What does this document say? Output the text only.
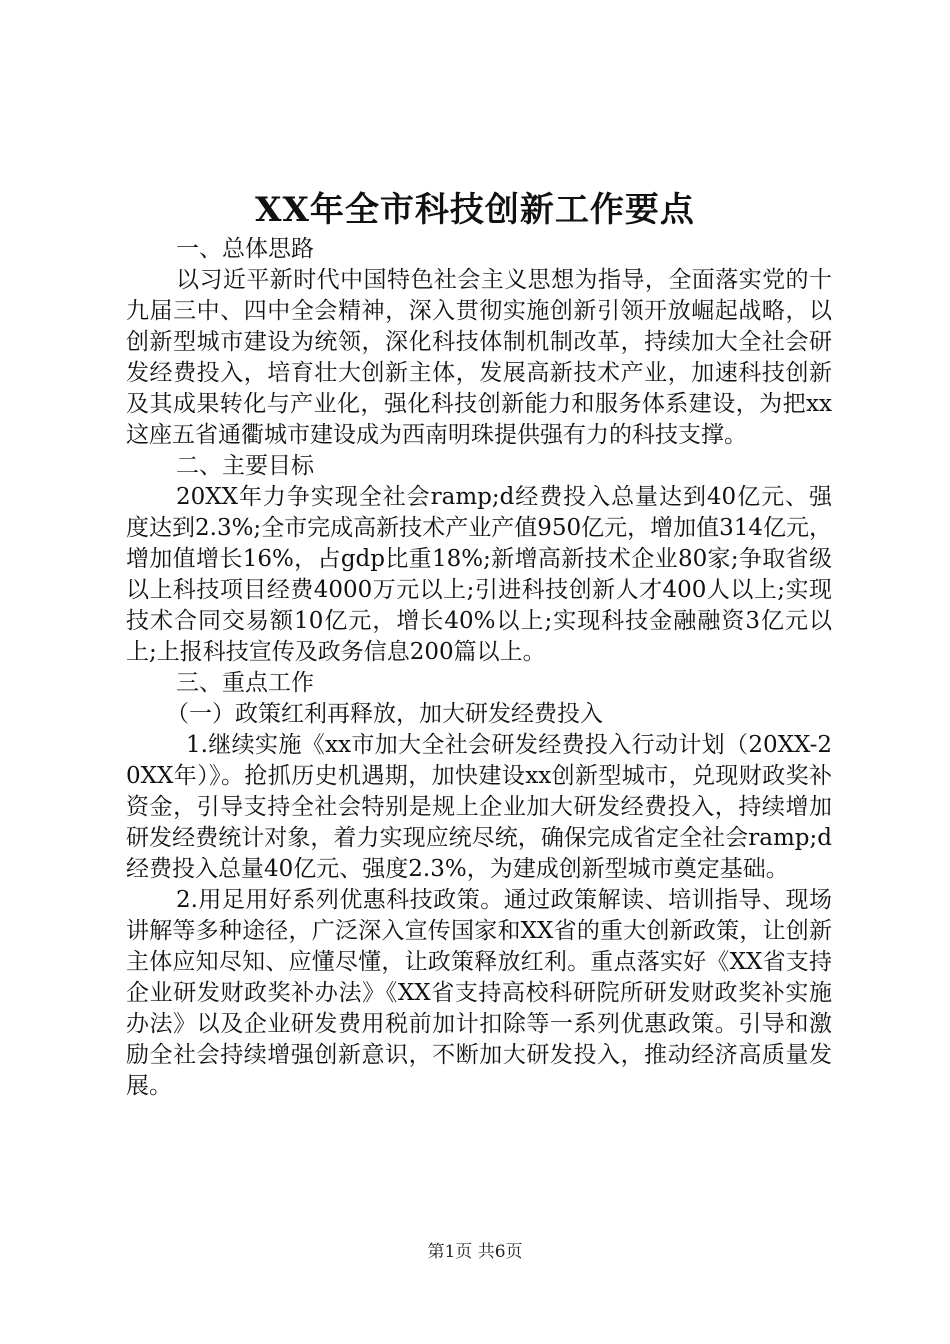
XX年全市科技创新工作要点

一、总体思路

以习近平新时代中国特色社会主义思想为指导，全面落实党的十九届三中、四中全会精神，深入贯彻实施创新引领开放崛起战略，以创新型城市建设为统领，深化科技体制机制改革，持续加大全社会研发经费投入，培育壮大创新主体，发展高新技术产业，加速科技创新及其成果转化与产业化，强化科技创新能力和服务体系建设，为把xx这座五省通衢城市建设成为西南明珠提供强有力的科技支撑。

二、主要目标

20XX年力争实现全社会ramp;d经费投入总量达到40亿元、强度达到2.3%;全市完成高新技术产业产值950亿元，增加值314亿元，增加值增长16%，占gdp比重18%;新增高新技术企业80家;争取省级以上科技项目经费4000万元以上;引进科技创新人才400人以上;实现技术合同交易额10亿元，增长40%以上;实现科技金融融资3亿元以上;上报科技宣传及政务信息200篇以上。

三、重点工作

（一）政策红利再释放，加大研发经费投入

1.继续实施《xx市加大全社会研发经费投入行动计划（20XX-20XX年）》。抢抓历史机遇期，加快建设xx创新型城市，兑现财政奖补资金，引导支持全社会特别是规上企业加大研发经费投入，持续增加研发经费统计对象，着力实现应统尽统，确保完成省定全社会ramp;d经费投入总量40亿元、强度2.3%，为建成创新型城市奠定基础。

2.用足用好系列优惠科技政策。通过政策解读、培训指导、现场讲解等多种途径，广泛深入宣传国家和XX省的重大创新政策，让创新主体应知尽知、应懂尽懂，让政策释放红利。重点落实好《XX省支持企业研发财政奖补办法》《XX省支持高校科研院所研发财政奖补实施办法》以及企业研发费用税前加计扣除等一系列优惠政策。引导和激励全社会持续增强创新意识，不断加大研发投入，推动经济高质量发展。

第1页 共6页
